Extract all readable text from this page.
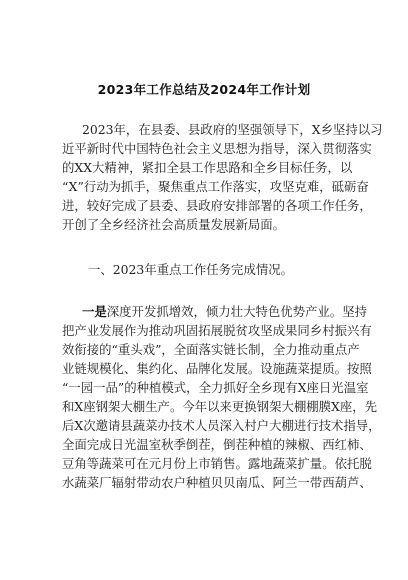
2023年工作总结及2024年工作计划
2023年，在县委、县政府的坚强领导下，X乡坚持以习
近平新时代中国特色社会主义思想为指导，深入贯彻落实
的XX大精神，紧扣全县工作思路和全乡目标任务，以
“X”行动为抓手，聚焦重点工作落实，攻坚克难，砥砺奋
进，较好完成了县委、县政府安排部署的各项工作任务，
开创了全乡经济社会高质量发展新局面。
一、2023年重点工作任务完成情况。
一是深度开发抓增效，倾力壮大特色优势产业。坚持
把产业发展作为推动巩固拓展脱贫攻坚成果同乡村振兴有
效衔接的“重头戏”，全面落实链长制，全力推动重点产
业链规模化、集约化、品牌化发展。设施蔬菜提质。按照
“一园一品”的种植模式，全力抓好全乡现有X座日光温室
和X座钢架大棚生产。今年以来更换钢架大棚棚膜X座，先
后X次邀请县蔬菜办技术人员深入村户大棚进行技术指导，
全面完成日光温室秋季倒茬，倒茬种植的辣椒、西红柿、
豆角等蔬菜可在元月份上市销售。露地蔬菜扩量。依托脱
水蔬菜厂辐射带动农户种植贝贝南瓜、阿兰一带西葫芦、
